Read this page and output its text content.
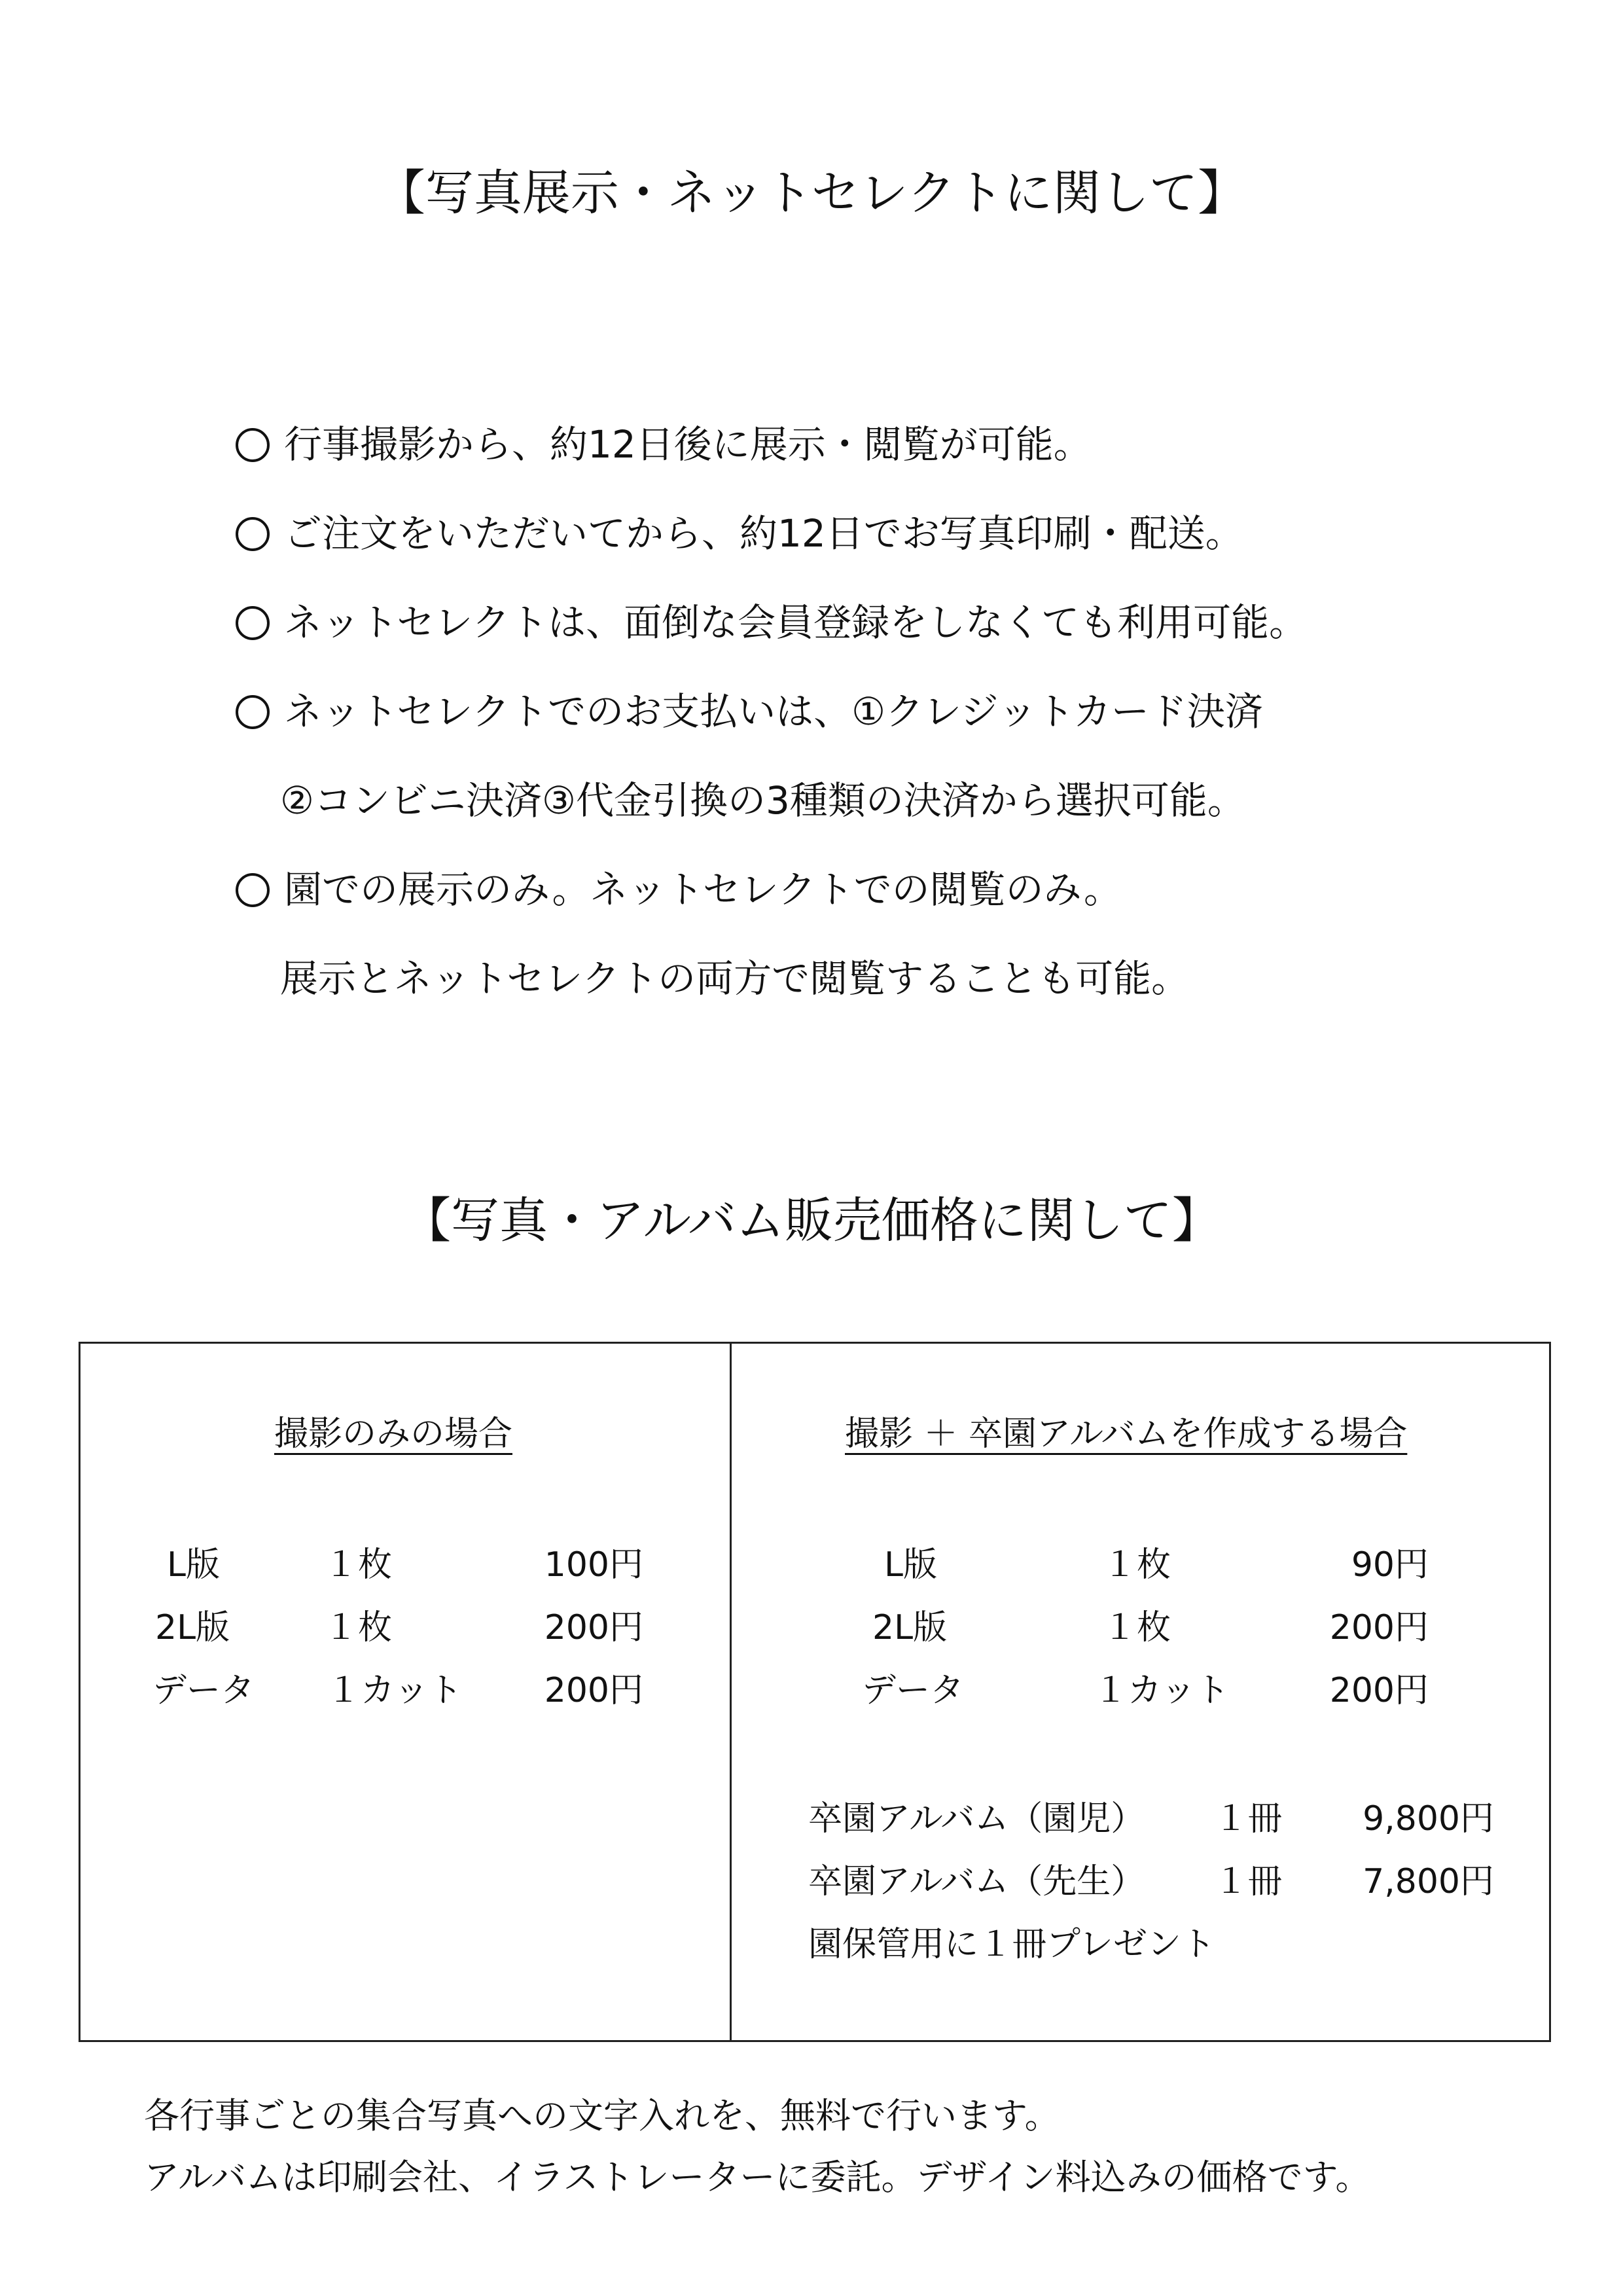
【写真展示・ネットセレクトに関して】
行事撮影から、約12日後に展示・閲覧が可能。
ご注文をいただいてから、約12日でお写真印刷・配送。
ネットセレクトは、面倒な会員登録をしなくても利用可能。
ネットセレクトでのお支払いは、①クレジットカード決済
②コンビニ決済③代金引換の3種類の決済から選択可能。
園での展示のみ。ネットセレクトでの閲覧のみ。
展示とネットセレクトの両方で閲覧することも可能。
【写真・アルバム販売価格に関して】
撮影のみの場合
L版	１枚	100円
2L版	１枚	200円
データ １カット	200円
撮影 ＋ 卒園アルバムを作成する場合
L版	１枚	90円
2L版	１枚	200円
データ	１カット	200円
卒園アルバム（園児） １冊	9,800円
卒園アルバム（先生） １冊	7,800円
園保管用に１冊プレゼント
各行事ごとの集合写真への文字入れを、無料で行います。
アルバムは印刷会社、イラストレーターに委託。デザイン料込みの価格です。
